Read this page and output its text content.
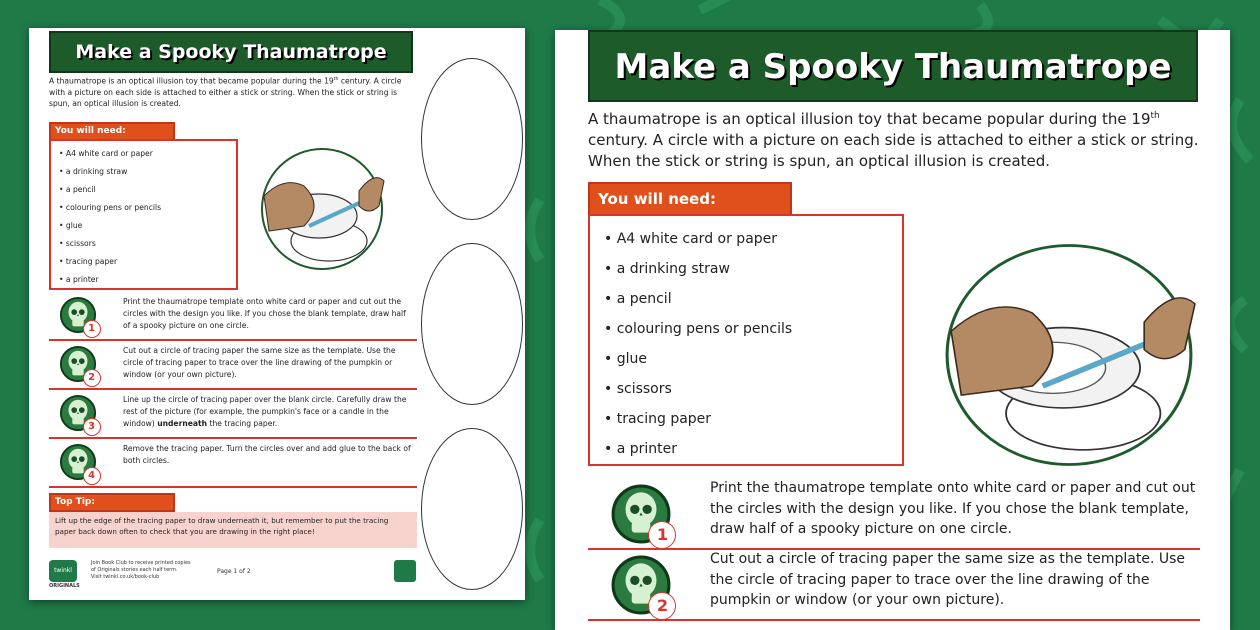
Make a Spooky Thaumatrope
A thaumatrope is an optical illusion toy that became popular during the 19th century. A circle with a picture on each side is attached to either a stick or string. When the stick or string is spun, an optical illusion is created.
You will need:
• A4 white card or paper
• a drinking straw
• a pencil
• colouring pens or pencils
• glue
• scissors
• tracing paper
• a printer
1
Print the thaumatrope template onto white card or paper and cut out the circles with the design you like. If you chose the blank template, draw half of a spooky picture on one circle.
2
Cut out a circle of tracing paper the same size as the template. Use the circle of tracing paper to trace over the line drawing of the pumpkin or window (or your own picture).
3
Line up the circle of tracing paper over the blank circle. Carefully draw the rest of the picture (for example, the pumpkin's face or a candle in the window) underneath the tracing paper.
4
Remove the tracing paper. Turn the circles over and add glue to the back of both circles.
Top Tip:
Lift up the edge of the tracing paper to draw underneath it, but remember to put the tracing paper back down often to check that you are drawing in the right place!
twinkl
ORIGINALS
Join Book Club to receive printed copies
of Originals stories each half term.
Visit twinkl.co.uk/book-club
Page 1 of 2
Make a Spooky Thaumatrope
A thaumatrope is an optical illusion toy that became popular during the 19th century. A circle with a picture on each side is attached to either a stick or string. When the stick or string is spun, an optical illusion is created.
You will need:
• A4 white card or paper
• a drinking straw
• a pencil
• colouring pens or pencils
• glue
• scissors
• tracing paper
• a printer
1
Print the thaumatrope template onto white card or paper and cut out the circles with the design you like. If you chose the blank template, draw half of a spooky picture on one circle.
2
Cut out a circle of tracing paper the same size as the template. Use the circle of tracing paper to trace over the line drawing of the pumpkin or window (or your own picture).
